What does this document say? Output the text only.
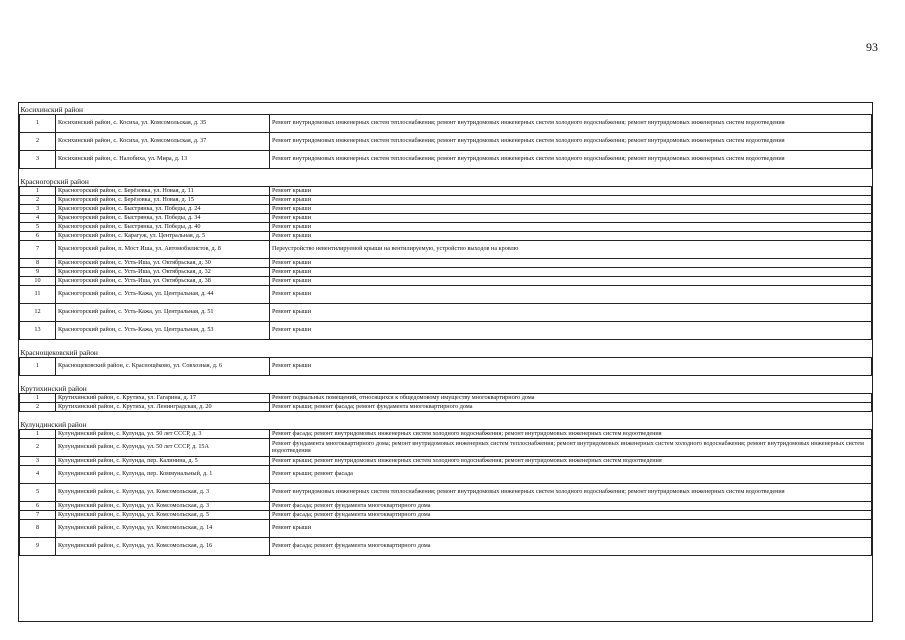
93
Косихинский район		
1	Косихинский район, с. Косиха, ул. Комсомольская, д. 35	Ремонт внутридомовых инженерных систем теплоснабжения; ремонт внутридомовых инженерных систем холодного водоснабжения; ремонт внутридомовых инженерных систем водоотведения
2	Косихинский район, с. Косиха, ул. Комсомольская, д. 37	Ремонт внутридомовых инженерных систем теплоснабжения; ремонт внутридомовых инженерных систем холодного водоснабжения; ремонт внутридомовых инженерных систем водоотведения
3	Косихинский район, с. Налобиха, ул. Мира, д. 13	Ремонт внутридомовых инженерных систем теплоснабжения; ремонт внутридомовых инженерных систем холодного водоснабжения; ремонт внутридомовых инженерных систем водоотведения

Красногорский район		
1	Красногорский район, с. Берёзовка, ул. Новая, д. 11	Ремонт крыши
2	Красногорский район, с. Берёзовка, ул. Новая, д. 15	Ремонт крыши
3	Красногорский район, с. Быстрянка, ул. Победы, д. 24	Ремонт крыши
4	Красногорский район, с. Быстрянка, ул. Победы, д. 34	Ремонт крыши
5	Красногорский район, с. Быстрянка, ул. Победы, д. 40	Ремонт крыши
6	Красногорский район, с. Карагуж, ул. Центральная, д. 5	Ремонт крыши
7	Красногорский район, п. Мост Иша, ул. Автомобилистов, д. 8	Переустройство невентилируемой крыши на вентилируемую, устройство выходов на кровлю
8	Красногорский район, с. Усть-Иша, ул. Октябрьская, д. 30	Ремонт крыши
9	Красногорский район, с. Усть-Иша, ул. Октябрьская, д. 32	Ремонт крыши
10	Красногорский район, с. Усть-Иша, ул. Октябрьская, д. 38	Ремонт крыши
11	Красногорский район, с. Усть-Кажа, ул. Центральная, д. 44	Ремонт крыши
12	Красногорский район, с. Усть-Кажа, ул. Центральная, д. 51	Ремонт крыши
13	Красногорский район, с. Усть-Кажа, ул. Центральная, д. 53	Ремонт крыши

Краснощековский район		
1	Краснощековский район, с. Краснощёково, ул. Совхозная, д. 6	Ремонт крыши

Крутихинский район		
1	Крутихинский район, с. Крутиха, ул. Гагарина, д. 17	Ремонт подвальных помещений, относящихся к общедомовому имуществу многоквартирного дома
2	Крутихинский район, с. Крутиха, ул. Ленинградская, д. 20	Ремонт крыши; ремонт фасада; ремонт фундамента многоквартирного дома

Кулундинский район		
1	Кулундинский район, с. Кулунда, ул. 50 лет СССР, д. 3	Ремонт фасада; ремонт внутридомовых инженерных систем холодного водоснабжения; ремонт внутридомовых инженерных систем водоотведения
2	Кулундинский район, с. Кулунда, ул. 50 лет СССР, д. 15А	Ремонт фундамента многоквартирного дома; ремонт внутридомовых инженерных систем теплоснабжения; ремонт внутридомовых инженерных систем холодного водоснабжения; ремонт внутридомовых инженерных систем водоотведения
3	Кулундинский район, с. Кулунда, пер. Калинина, д. 5	Ремонт крыши; ремонт внутридомовых инженерных систем холодного водоснабжения; ремонт внутридомовых инженерных систем водоотведения
4	Кулундинский район, с. Кулунда, пер. Коммунальный, д. 1	Ремонт крыши; ремонт фасада
5	Кулундинский район, с. Кулунда, ул. Комсомольская, д. 3	Ремонт внутридомовых инженерных систем теплоснабжения; ремонт внутридомовых инженерных систем холодного водоснабжения; ремонт внутридомовых инженерных систем водоотведения
6	Кулундинский район, с. Кулунда, ул. Комсомольская, д. 3	Ремонт фасада; ремонт фундамента многоквартирного дома
7	Кулундинский район, с. Кулунда, ул. Комсомольская, д. 5	Ремонт фасада; ремонт фундамента многоквартирного дома
8	Кулундинский район, с. Кулунда, ул. Комсомольская, д. 14	Ремонт крыши
9	Кулундинский район, с. Кулунда, ул. Комсомольская, д. 16	Ремонт фасада; ремонт фундамента многоквартирного дома
